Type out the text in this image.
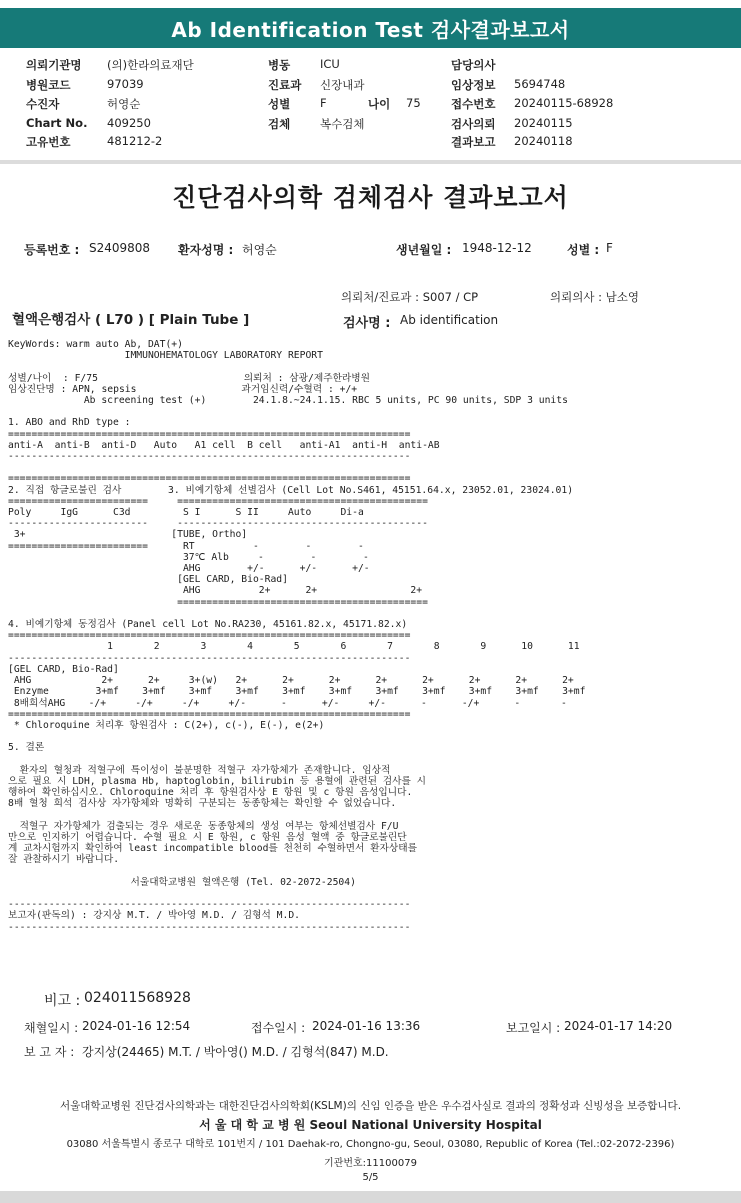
Ab Identification Test 검사결과보고서
의뢰기관명 (의)한라의료재단
병원코드	97039
수진자	허영순
Chart No. 409250
고유번호	481212-2
병동	ICU
진료과 신장내과
성별	F	나이 75
검체	복수검체
담당의사
임상정보 5694748
접수번호 20240115-68928
검사의뢰 20240115
결과보고 20240118
진단검사의학 검체검사 결과보고서
등록번호 : S2409808 환자성명 : 허영순	생년월일 : 1948-12-12	성별 : F
의뢰처/진료과 : S007 / CP	의뢰의사 : 남소영
혈액은행검사 ( L70 ) [ Plain Tube ]	검사명 : Ab identification
KeyWords: warm auto Ab, DAT(+)
IMMUNOHEMATOLOGY LABORATORY REPORT

성별/나이  : F/75                         의뢰처 : 삼광/제주한라병원
임상진단명 : APN, sepsis                  과거임신력/수혈력 : +/+
Ab screening test (+)        24.1.8.~24.1.15. RBC 5 units, PC 90 units, SDP 3 units

1. ABO and RhD type :
=====================================================================
anti-A  anti-B  anti-D   Auto   A1 cell  B cell   anti-A1  anti-H  anti-AB
---------------------------------------------------------------------

=====================================================================
2. 직접 항글로불린 검사        3. 비예기항체 선별검사 (Cell Lot No.S461, 45151.64.x, 23052.01, 23024.01)
========================     ===========================================
Poly     IgG      C3d         S I      S II     Auto     Di-a
------------------------     -------------------------------------------
3+                         [TUBE, Ortho]
========================      RT          -        -        -
37℃ Alb     -        -        -
AHG        +/-      +/-      +/-
[GEL CARD, Bio-Rad]
AHG          2+      2+                2+
===========================================

4. 비예기항체 동정검사 (Panel cell Lot No.RA230, 45161.82.x, 45171.82.x)
=====================================================================
1       2       3       4       5       6       7       8       9      10      11
---------------------------------------------------------------------
[GEL CARD, Bio-Rad]
AHG            2+      2+     3+(w)   2+      2+      2+      2+      2+      2+      2+      2+
Enzyme        3+mf    3+mf    3+mf    3+mf    3+mf    3+mf    3+mf    3+mf    3+mf    3+mf    3+mf
8배희석AHG    -/+     -/+     -/+     +/-      -      +/-     +/-      -      -/+      -       -
=====================================================================
* Chloroquine 처리후 항원검사 : C(2+), c(-), E(-), e(2+)

5. 결론

환자의 혈청과 적혈구에 특이성이 불분명한 적혈구 자가항체가 존재합니다. 임상적
으로 필요 시 LDH, plasma Hb, haptoglobin, bilirubin 등 용혈에 관련된 검사를 시
행하여 확인하십시오. Chloroquine 처리 후 항원검사상 E 항원 및 c 항원 음성입니다.
8배 혈청 희석 검사상 자가항체와 명확히 구분되는 동종항체는 확인할 수 없었습니다.

적혈구 자가항체가 검출되는 경우 새로운 동종항체의 생성 여부는 항체선별검사 F/U
만으로 인지하기 어렵습니다. 수혈 필요 시 E 항원, c 항원 음성 혈액 중 항글로불린단
계 교차시험까지 확인하여 least incompatible blood를 천천히 수혈하면서 환자상태를
잘 관찰하시기 바랍니다.

서울대학교병원 혈액은행 (Tel. 02-2072-2504)

---------------------------------------------------------------------
보고자(판독의) : 강지상 M.T. / 박아영 M.D. / 김형석 M.D.
---------------------------------------------------------------------
비고 : 024011568928
채혈일시 : 2024-01-16 12:54	접수일시 : 2024-01-16 13:36	보고일시 : 2024-01-17 14:20
보 고 자 : 강지상(24465) M.T. / 박아영() M.D. / 김형석(847) M.D.
서울대학교병원 진단검사의학과는 대한진단검사의학회(KSLM)의 신임 인증을 받은 우수검사실로 결과의 정확성과 신빙성을 보증합니다.
서 울 대 학 교 병 원 Seoul National University Hospital
03080 서울특별시 종로구 대학로 101번지 / 101 Daehak-ro, Chongno-gu, Seoul, 03080, Republic of Korea (Tel.:02-2072-2396)
기관번호:11100079
5/5
